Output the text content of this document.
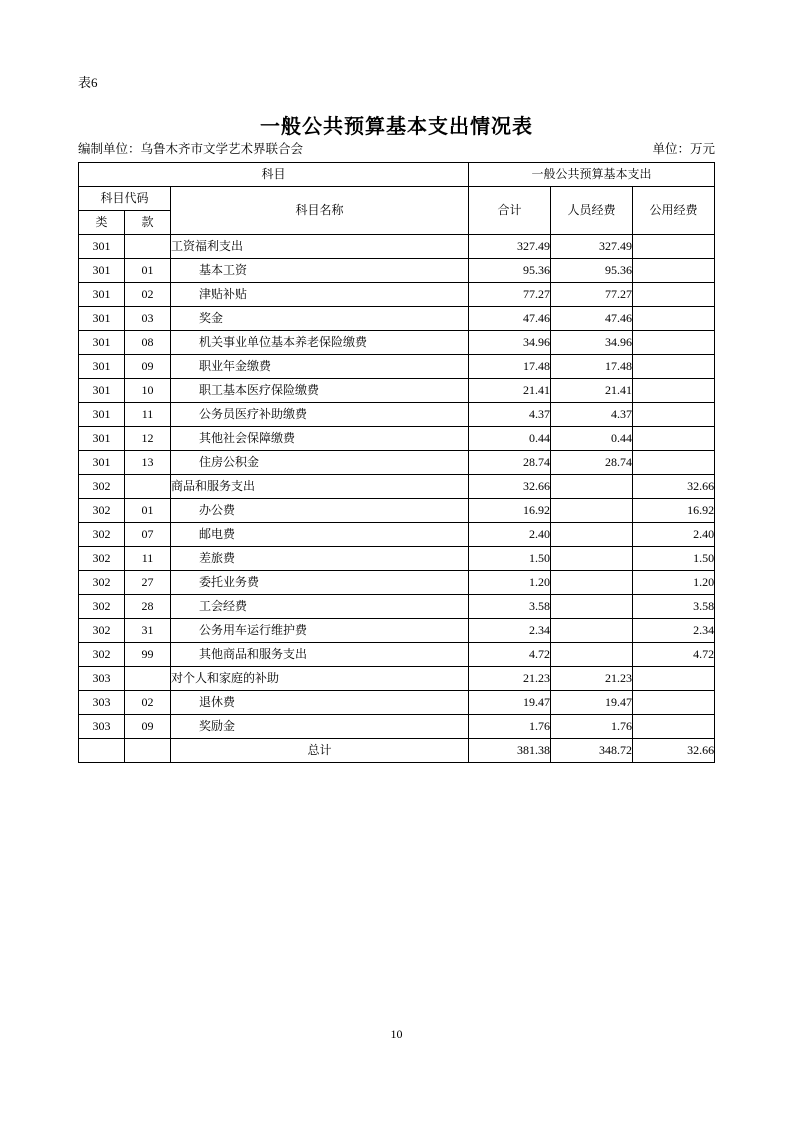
表6
一般公共预算基本支出情况表
编制单位：乌鲁木齐市文学艺术界联合会	单位：万元
科目			一般公共预算基本支出		
科目代码		科目名称	合计	人员经费	公用经费
类	款				
301		工资福利支出	327.49	327.49	
301	01	基本工资	95.36	95.36	
301	02	津贴补贴	77.27	77.27	
301	03	奖金	47.46	47.46	
301	08	机关事业单位基本养老保险缴费	34.96	34.96	
301	09	职业年金缴费	17.48	17.48	
301	10	职工基本医疗保险缴费	21.41	21.41	
301	11	公务员医疗补助缴费	4.37	4.37	
301	12	其他社会保障缴费	0.44	0.44	
301	13	住房公积金	28.74	28.74	
302		商品和服务支出	32.66		32.66
302	01	办公费	16.92		16.92
302	07	邮电费	2.40		2.40
302	11	差旅费	1.50		1.50
302	27	委托业务费	1.20		1.20
302	28	工会经费	3.58		3.58
302	31	公务用车运行维护费	2.34		2.34
302	99	其他商品和服务支出	4.72		4.72
303		对个人和家庭的补助	21.23	21.23	
303	02	退休费	19.47	19.47	
303	09	奖励金	1.76	1.76	
		总计	381.38	348.72	32.66
10
